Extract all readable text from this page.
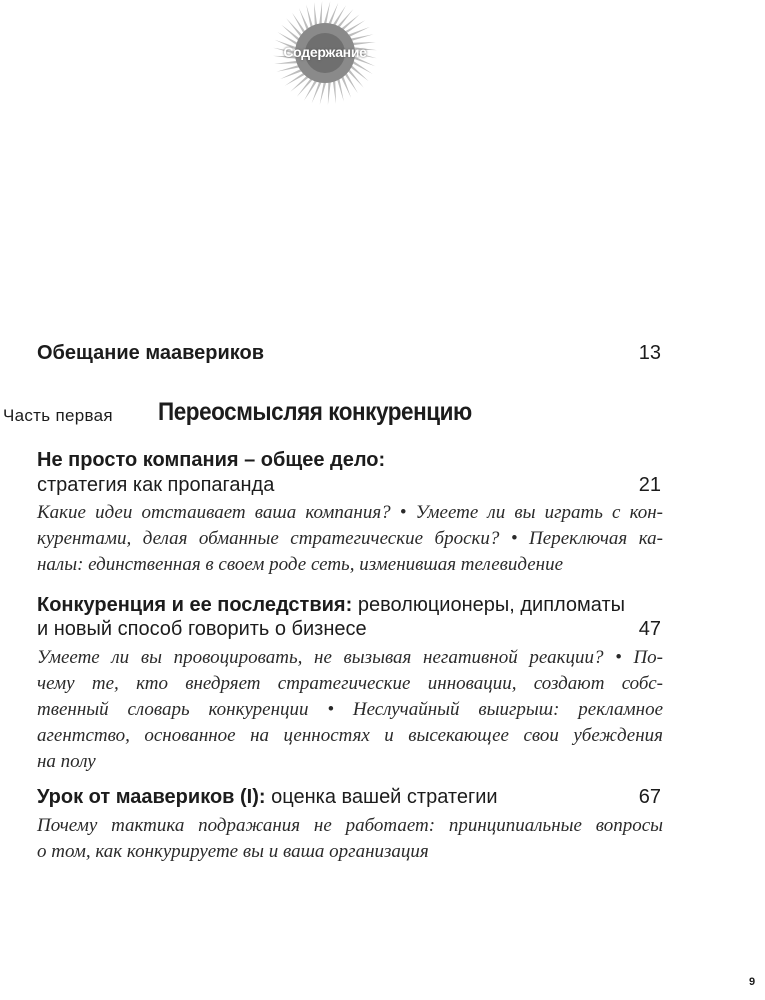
Содержание
Обещание маавериков	13
Часть первая Переосмысляя конкуренцию
Не просто компания – общее дело:
стратегия как пропаганда	21
Какие идеи отстаивает ваша компания? • Умеете ли вы играть с кон-
курентами, делая обманные стратегические броски? • Переключая ка-
налы: единственная в своем роде сеть, изменившая телевидение
Конкуренция и ее последствия: революционеры, дипломаты
и новый способ говорить о бизнесе	47
Умеете ли вы провоцировать, не вызывая негативной реакции? • По-
чему те, кто внедряет стратегические инновации, создают собс-
твенный словарь конкуренции • Неслучайный выигрыш: рекламное
агентство, основанное на ценностях и высекающее свои убеждения
на полу
Урок от маавериков (I): оценка вашей стратегии	67
Почему тактика подражания не работает: принципиальные вопросы
о том, как конкурируете вы и ваша организация
9
